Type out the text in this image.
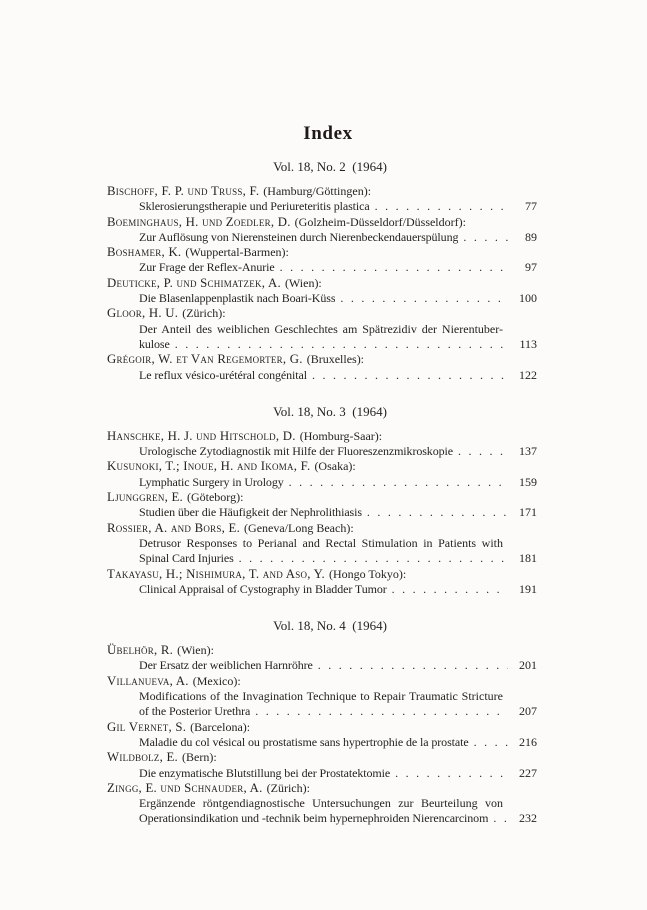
Index
Vol. 18, No. 2  (1964)
Bischoff, F. P. und Truss, F. (Hamburg/Göttingen):
Sklerosierungstherapie und Periureteritis plastica . . .	77
Boeminghaus, H. und Zoedler, D. (Golzheim-Düsseldorf/Düsseldorf):
Zur Auflösung von Nierensteinen durch Nierenbeckendauerspülung . . .	89
Boshamer, K. (Wuppertal-Barmen):
Zur Frage der Reflex-Anurie . . .	97
Deuticke, P. und Schimatzek, A. (Wien):
Die Blasenlappenplastik nach Boari-Küss . . .	100
Gloor, H. U. (Zürich):
Der Anteil des weiblichen Geschlechtes am Spätrezidiv der Nierentuber-
kulose . . .	113
Grégoir, W. et Van Regemorter, G. (Bruxelles):
Le reflux vésico-urétéral congénital . . .	122
Vol. 18, No. 3  (1964)
Hanschke, H. J. und Hitschold, D. (Homburg-Saar):
Urologische Zytodiagnostik mit Hilfe der Fluoreszenzmikroskopie . . .	137
Kusunoki, T.; Inoue, H. and Ikoma, F. (Osaka):
Lymphatic Surgery in Urology . . .	159
Ljunggren, E. (Göteborg):
Studien über die Häufigkeit der Nephrolithiasis . . .	171
Rossier, A. and Bors, E. (Geneva/Long Beach):
Detrusor Responses to Perianal and Rectal Stimulation in Patients with
Spinal Card Injuries . . .	181
Takayasu, H.; Nishimura, T. and Aso, Y. (Hongo Tokyo):
Clinical Appraisal of Cystography in Bladder Tumor . . .	191
Vol. 18, No. 4  (1964)
Übelhör, R. (Wien):
Der Ersatz der weiblichen Harnröhre . . .	201
Villanueva, A. (Mexico):
Modifications of the Invagination Technique to Repair Traumatic Stricture
of the Posterior Urethra . . .	207
Gil Vernet, S. (Barcelona):
Maladie du col vésical ou prostatisme sans hypertrophie de la prostate . . .	216
Wildbolz, E. (Bern):
Die enzymatische Blutstillung bei der Prostatektomie . . .	227
Zingg, E. und Schnauder, A. (Zürich):
Ergänzende röntgendiagnostische Untersuchungen zur Beurteilung von
Operationsindikation und -technik beim hypernephroiden Nierencarcinom . . .	232
